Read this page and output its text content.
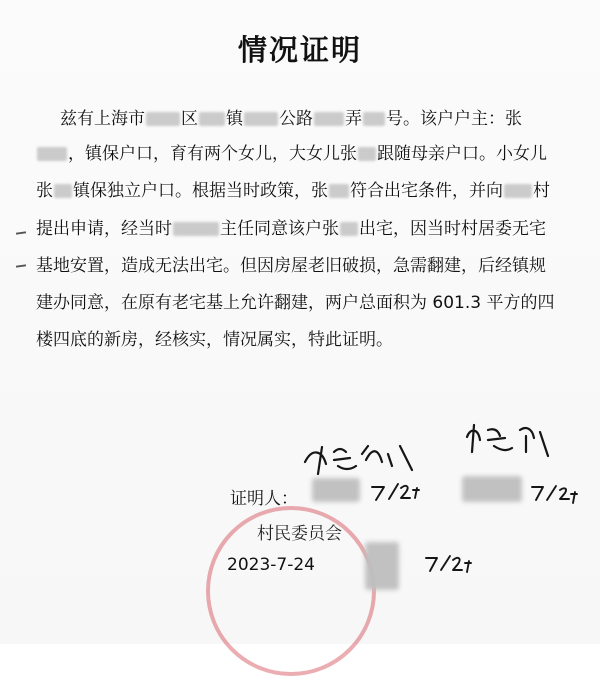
情况证明
兹有上海市 区 镇 公路 弄 号。该户户主：张
，镇保户口，育有两个女儿，大女儿张 跟随母亲户口。小女儿
张 镇保独立户口。根据当时政策，张 符合出宅条件，并向 村
提出申请，经当时	主任同意该户张 出宅，因当时村居委无宅
基地安置，造成无法出宅。但因房屋老旧破损，急需翻建，后经镇规
建办同意，在原有老宅基上允许翻建，两户总面积为 601.3 平方的四
楼四底的新房，经核实，情况属实，特此证明。
证明人：
村民委员会
2023-7-24
